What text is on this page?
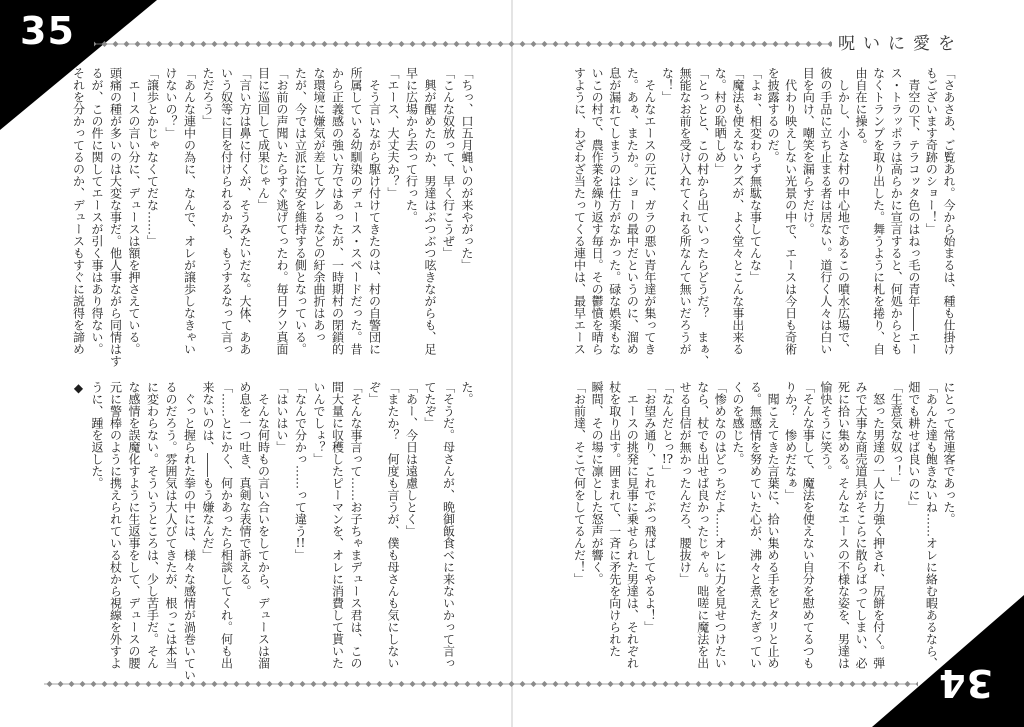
35
34
呪いに愛を
「さあさあ、ご覧あれ。今から始まるは、種も仕掛け
もございます奇跡のショー！」
　青空の下、テラコッタ色のはねっ毛の青年――エー
ス・トラッポラは高らかに宣言すると、何処からとも
なくトランプを取り出した。舞うように札を捲り、自
由自在に操る。
　しかし、小さな村の中心地であるこの噴水広場で、
彼の手品に立ち止まる者は居ない。道行く人々は白い
目を向け、嘲笑を漏らすだけ。
　代わり映えしない光景の中で、エースは今日も奇術
を披露するのだ。
「よぉ、相変わらず無駄な事してんな」
「魔法も使えないクズが、よく堂々とこんな事出来る
な。村の恥晒しめ」
「とっとと、この村から出ていったらどうだ？　まぁ、
無能なお前を受け入れてくれる所なんて無いだろうが
な！」
　そんなエースの元に、ガラの悪い青年達が集ってき
た。あぁ、またか。ショーの最中だというのに、溜め
息が漏れてしまうのは仕方がなかった。碌な娯楽もな
いこの村で、農作業を繰り返す毎日。その鬱憤を晴ら
すように、わざわざ当たってくる連中は、最早エース
にとって常連客であった。
「あんた達も飽きないね……オレに絡む暇あるなら、
畑でも耕せば良いのに」
「生意気な奴っ！」
　怒った男達の一人に力強く押され、尻餅を付く。弾
みで大事な商売道具がそこらに散らばってしまい、必
死に拾い集める。そんなエースの不様な姿を、男達は
愉快そうに笑う。
「そんな事して、魔法を使えない自分を慰めてるつも
りか？　惨めだなぁ」
　聞こえてきた言葉に、拾い集める手をピタリと止め
る。無感情を努めていた心が、沸々と煮えたぎってい
くのを感じた。
「惨めなのはどっちだよ……オレに力を見せつけたい
なら、杖でも出せば良かったじゃん。咄嗟に魔法を出
せる自信が無かったんだろ、腰抜け」
「なんだとっ!?」
「お望み通り、これでぶっ飛ばしてやるよ！」
　エースの挑発に見事に乗せられた男達は、それぞれ
杖を取り出す。囲まれて、一斉に矛先を向けられた
瞬間、その場に凛とした怒声が響く。
「お前達、そこで何をしてるんだ！」
「ちっ、口五月蝿いのが来やがった」
「こんな奴放って、早く行こうぜ」
　興が醒めたのか、男達はぶつぶつ呟きながらも、足
早に広場から去って行った。
「エース、大丈夫か？」
　そう言いながら駆け付けてきたのは、村の自警団に
所属している幼馴染のデュース・スペードだった。昔
から正義感の強い方ではあったが、一時期村の閉鎖的
な環境に嫌気が差してグレるなどの紆余曲折はあっ
たが、今では立派に治安を維持する側となっている。
「お前の声聞いたらすぐ逃げてったわ。毎日クソ真面
目に巡回して成果じゃん」
「言い方は鼻に付くが、そうみたいだな。大体、ああ
いう奴等に目を付けられるから、もうするなって言っ
ただろう」
「あんな連中の為に、なんで、オレが譲歩しなきゃい
けないの？」
「譲歩とかじゃなくてだな……」
　エースの言い分に、デュースは額を押さえている。
頭痛の種が多いのは大変な事だ。他人事ながら同情はす
るが、この件に関してエースが引く事はあり得ない。
それを分かってるのか、デュースもすぐに説得を諦め
た。
「そうだ。母さんが、晩御飯食べに来ないかって言っ
てたぞ」
「あー、今日は遠慮しとく」
「またか？　何度も言うが、僕も母さんも気にしない
ぞ」
「そんな事言って……お子ちゃまデュース君は、この
間大量に収穫したピーマンを、オレに消費して貰いた
いんでしょ？」
「なんで分かっ……って違う!!」
「はいはい」
　そんな何時もの言い合いをしてから、デュースは溜
め息を一つ吐き、真剣な表情で訴える。
「……とにかく、何かあったら相談してくれ。何も出
来ないのは、――もう嫌なんだ」
　ぐっと握られた拳の中には、様々な感情が渦巻いてい
るのだろう。雰囲気は大人びてきたが、根っこは本当
に変わらない。そういうところは、少し苦手だ。そん
な感情を誤魔化すように生返事をして、デュースの腰
元に警棒のように携えられている杖から視線を外すよ
うに、踵を返した。
◆
